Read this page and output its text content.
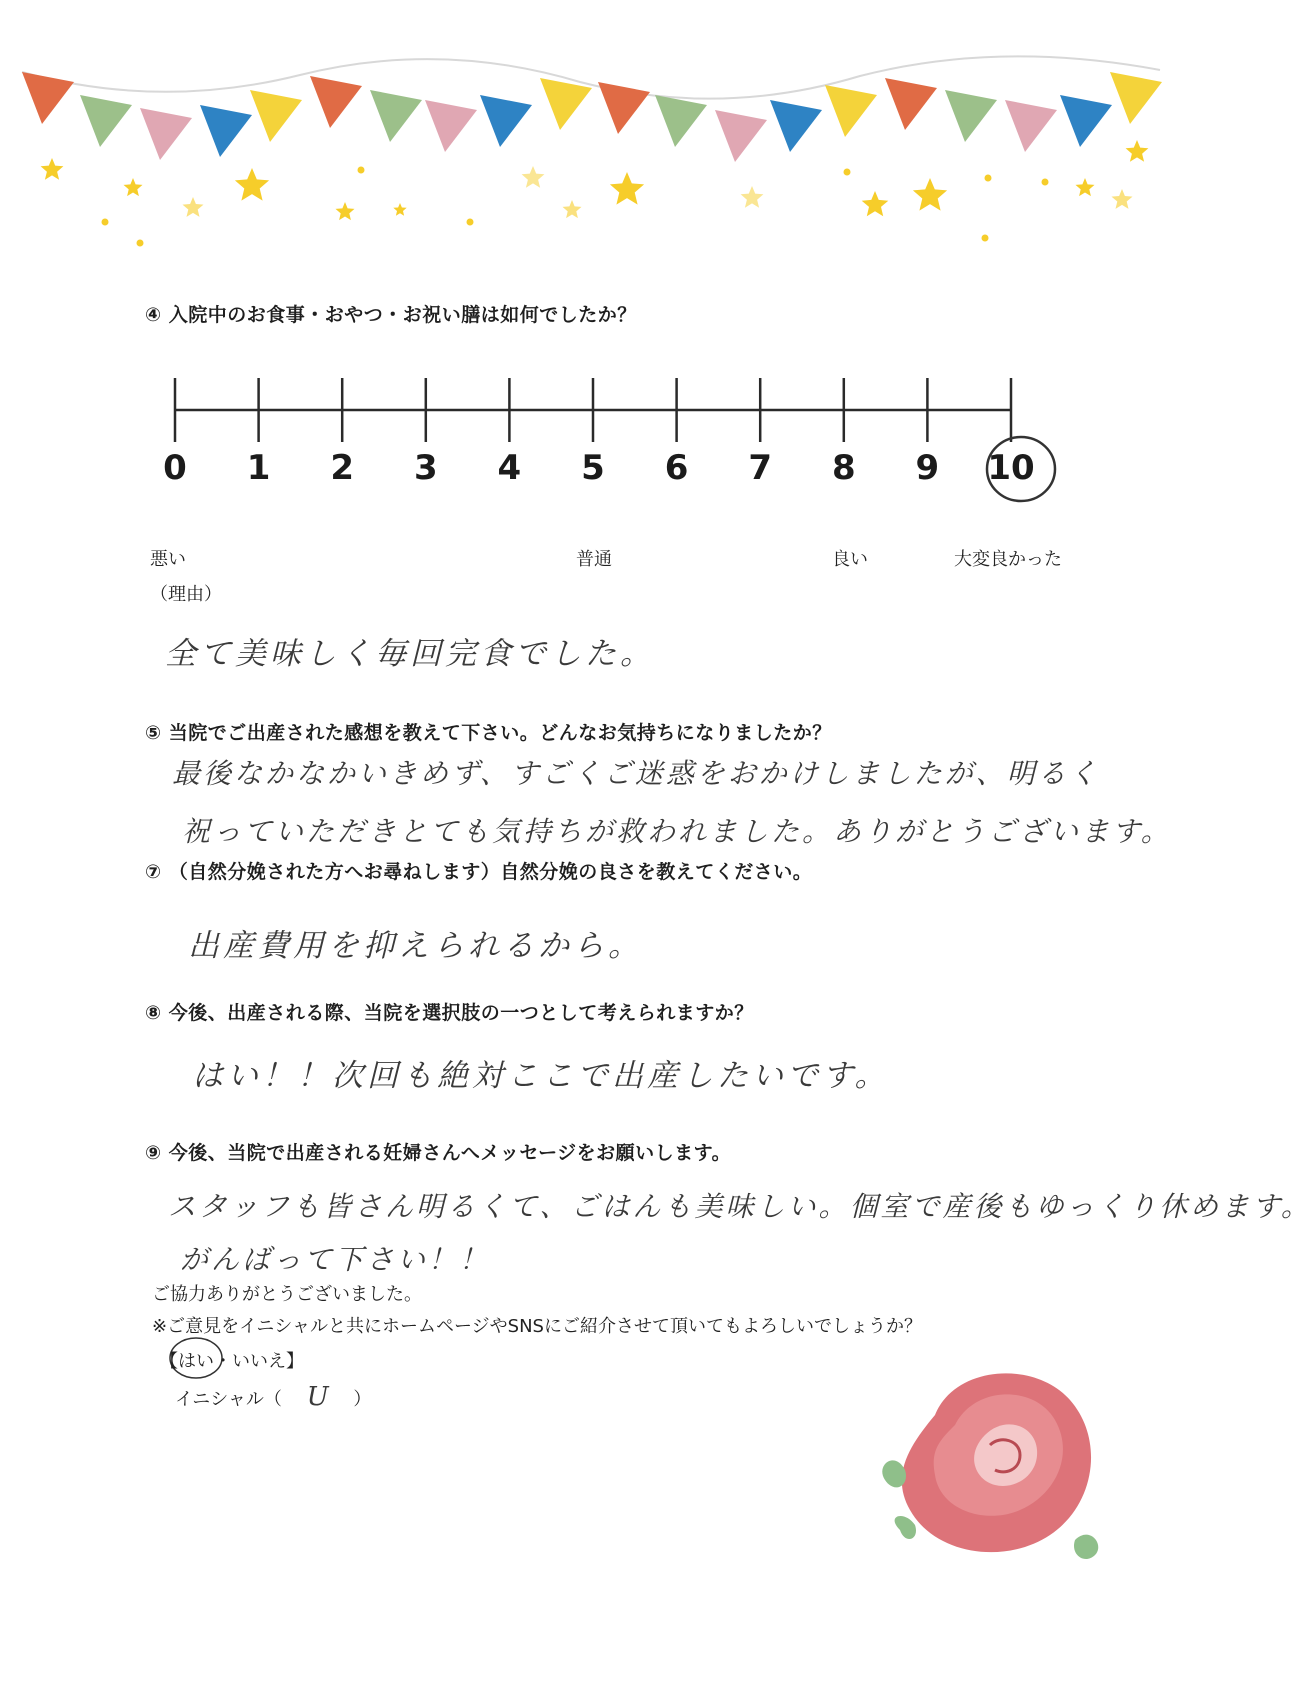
④ 入院中のお食事・おやつ・お祝い膳は如何でしたか？
0 1 2 3 4 5 6 7 8 9 10
悪い	普通	良い	大変良かった
（理由）
全て美味しく毎回完食でした。
⑤ 当院でご出産された感想を教えて下さい。どんなお気持ちになりましたか？
最後なかなかいきめず、すごくご迷惑をおかけしましたが、明るく
祝っていただきとても気持ちが救われました。ありがとうございます。
⑦ （自然分娩された方へお尋ねします）自然分娩の良さを教えてください。
出産費用を抑えられるから。
⑧ 今後、出産される際、当院を選択肢の一つとして考えられますか？
はい！！次回も絶対ここで出産したいです。
⑨ 今後、当院で出産される妊婦さんへメッセージをお願いします。
スタッフも皆さん明るくて、ごはんも美味しい。個室で産後もゆっくり休めます。
がんばって下さい！！
ご協力ありがとうございました。
※ご意見をイニシャルと共にホームページやSNSにご紹介させて頂いてもよろしいでしょうか？
【はい・いいえ】
イニシャル（ U ）
